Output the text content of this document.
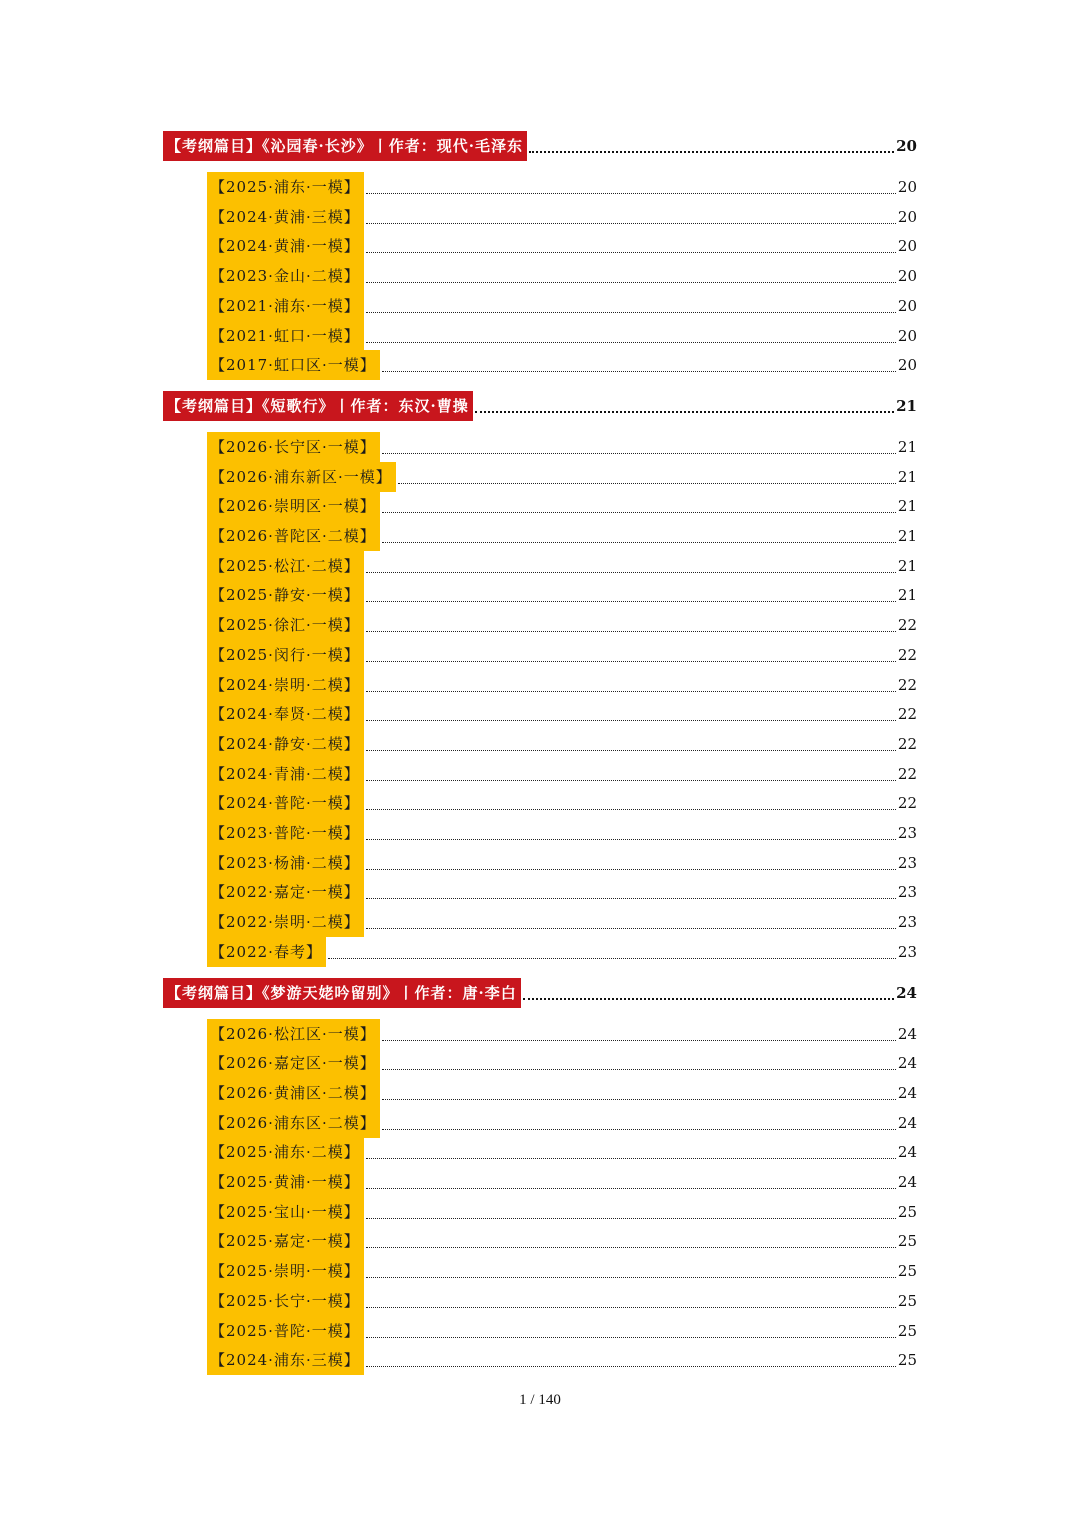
【考纲篇目】《沁园春·长沙》丨作者：现代·毛泽东	20
【2025·浦东·一模】	20
【2024·黄浦·三模】	20
【2024·黄浦·一模】	20
【2023·金山·二模】	20
【2021·浦东·一模】	20
【2021·虹口·一模】	20
【2017·虹口区·一模】	20
【考纲篇目】《短歌行》丨作者：东汉·曹操	21
【2026·长宁区·一模】	21
【2026·浦东新区·一模】	21
【2026·崇明区·一模】	21
【2026·普陀区·二模】	21
【2025·松江·二模】	21
【2025·静安·一模】	21
【2025·徐汇·一模】	22
【2025·闵行·一模】	22
【2024·崇明·二模】	22
【2024·奉贤·二模】	22
【2024·静安·二模】	22
【2024·青浦·二模】	22
【2024·普陀·一模】	22
【2023·普陀·一模】	23
【2023·杨浦·二模】	23
【2022·嘉定·一模】	23
【2022·崇明·二模】	23
【2022·春考】	23
【考纲篇目】《梦游天姥吟留别》丨作者：唐·李白	24
【2026·松江区·一模】	24
【2026·嘉定区·一模】	24
【2026·黄浦区·二模】	24
【2026·浦东区·二模】	24
【2025·浦东·二模】	24
【2025·黄浦·一模】	24
【2025·宝山·一模】	25
【2025·嘉定·一模】	25
【2025·崇明·一模】	25
【2025·长宁·一模】	25
【2025·普陀·一模】	25
【2024·浦东·三模】	25
1 / 140
